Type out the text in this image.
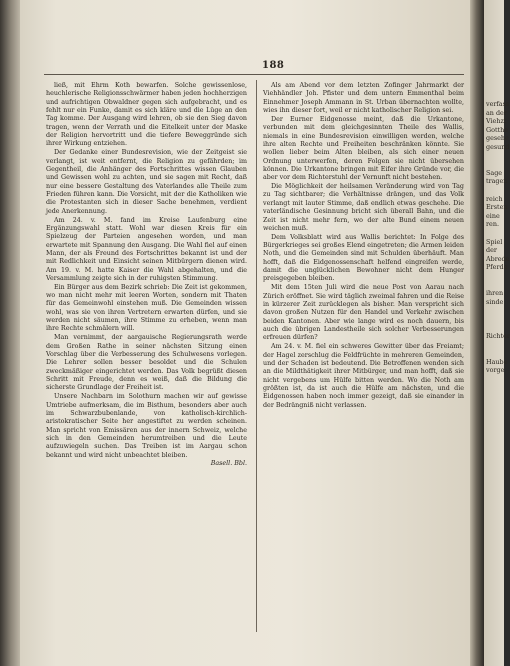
verfass
an der
Viehzt
Gotthe
gesehe
gesund

Sage
tragen

reich
Ersten
eine
ren.

Spiel
der
Abrede
Pferde

ihren
sinde

Richter

Haube
vorge
188

ließ, mit Ehrm Koth bewarfen. Solche gewissenlose, heuchlerische Religionsschwärmer haben jeden hochherzigen und aufrichtigen Obwaldner gegen sich aufgebracht, und es fehlt nur ein Funke, damit es sich kläre und die Lüge an den Tag komme. Der Ausgang wird lehren, ob sie den Sieg davon tragen, wenn der Verrath und die Eitelkeit unter der Maske der Religion hervortritt und die tiefere Beweggründe sich ihrer Wirkung entziehen.

Der Gedanke einer Bundesrevision, wie der Zeitgeist sie verlangt, ist weit entfernt, die Religion zu gefährden; im Gegentheil, die Anhänger des Fortschrittes wissen Glauben und Gewissen wohl zu achten, und sie sagen mit Recht, daß nur eine bessere Gestaltung des Vaterlandes alle Theile zum Frieden führen kann. Die Vorsicht, mit der die Katholiken wie die Protestanten sich in dieser Sache benehmen, verdient jede Anerkennung.

Am 24. v. M. fand im Kreise Laufenburg eine Ergänzungswahl statt. Wohl war diesen Kreis für ein Spielzeug der Parteien angesehen worden, und man erwartete mit Spannung den Ausgang. Die Wahl fiel auf einen Mann, der als Freund des Fortschrittes bekannt ist und der mit Redlichkeit und Einsicht seinen Mitbürgern dienen wird. Am 19. v. M. hatte Kaiser die Wahl abgehalten, und die Versammlung zeigte sich in der ruhigsten Stimmung.

Ein Bürger aus dem Bezirk schrieb: Die Zeit ist gekommen, wo man nicht mehr mit leeren Worten, sondern mit Thaten für das Gemeinwohl einstehen muß. Die Gemeinden wissen wohl, was sie von ihren Vertretern erwarten dürfen, und sie werden nicht säumen, ihre Stimme zu erheben, wenn man ihre Rechte schmälern will.

Man vernimmt, der aargauische Regierungsrath werde dem Großen Rathe in seiner nächsten Sitzung einen Vorschlag über die Verbesserung des Schulwesens vorlegen. Die Lehrer sollen besser besoldet und die Schulen zweckmäßiger eingerichtet werden. Das Volk begrüßt diesen Schritt mit Freude, denn es weiß, daß die Bildung die sicherste Grundlage der Freiheit ist.

Unsere Nachbarn im Solothurn machen wir auf gewisse Umtriebe aufmerksam, die im Bisthum, besonders aber auch im Schwarzbubenlande, von katholisch-kirchlich-aristokratischer Seite her angestiftet zu werden scheinen. Man spricht von Emissären aus der innern Schweiz, welche sich in den Gemeinden herumtreiben und die Leute aufzuwiegeln suchen. Das Treiben ist im Aargau schon bekannt und wird nicht unbeachtet bleiben.

Basell. Bbl.

Als am Abend vor dem letzten Zofinger Jahrmarkt der Viehhändler Joh. Pfister und dem untern Emmenthal beim Einnehmer Joseph Ammann in St. Urban übernachten wollte, wies ihn dieser fort, weil er nicht katholischer Religion sei.

Der Eurner Eidgenosse meint, daß die Urkantone, verbunden mit dem gleichgesinnten Theile des Wallis, niemals in eine Bundesrevision einwilligen werden, welche ihre alten Rechte und Freiheiten beschränken könnte. Sie wollen lieber beim Alten bleiben, als sich einer neuen Ordnung unterwerfen, deren Folgen sie nicht übersehen können. Die Urkantone bringen mit Eifer ihre Gründe vor, die aber vor dem Richterstuhl der Vernunft nicht bestehen.

Die Möglichkeit der heilsamen Veränderung wird von Tag zu Tag sichtbarer; die Verhältnisse drängen, und das Volk verlangt mit lauter Stimme, daß endlich etwas geschehe. Die vaterländische Gesinnung bricht sich überall Bahn, und die Zeit ist nicht mehr fern, wo der alte Bund einem neuen weichen muß.

Dem Volksblatt wird aus Wallis berichtet: In Folge des Bürgerkrieges sei großes Elend eingetreten; die Armen leiden Noth, und die Gemeinden sind mit Schulden überhäuft. Man hofft, daß die Eidgenossenschaft helfend eingreifen werde, damit die unglücklichen Bewohner nicht dem Hunger preisgegeben bleiben.

Mit dem 15ten Juli wird die neue Post von Aarau nach Zürich eröffnet. Sie wird täglich zweimal fahren und die Reise in kürzerer Zeit zurücklegen als bisher. Man verspricht sich davon großen Nutzen für den Handel und Verkehr zwischen beiden Kantonen. Aber wie lange wird es noch dauern, bis auch die übrigen Landestheile sich solcher Verbesserungen erfreuen dürfen?

Am 24. v. M. fiel ein schweres Gewitter über das Freiamt; der Hagel zerschlug die Feldfrüchte in mehreren Gemeinden, und der Schaden ist bedeutend. Die Betroffenen wenden sich an die Mildthätigkeit ihrer Mitbürger, und man hofft, daß sie nicht vergebens um Hülfe bitten werden. Wo die Noth am größten ist, da ist auch die Hülfe am nächsten, und die Eidgenossen haben noch immer gezeigt, daß sie einander in der Bedrängniß nicht verlassen.
